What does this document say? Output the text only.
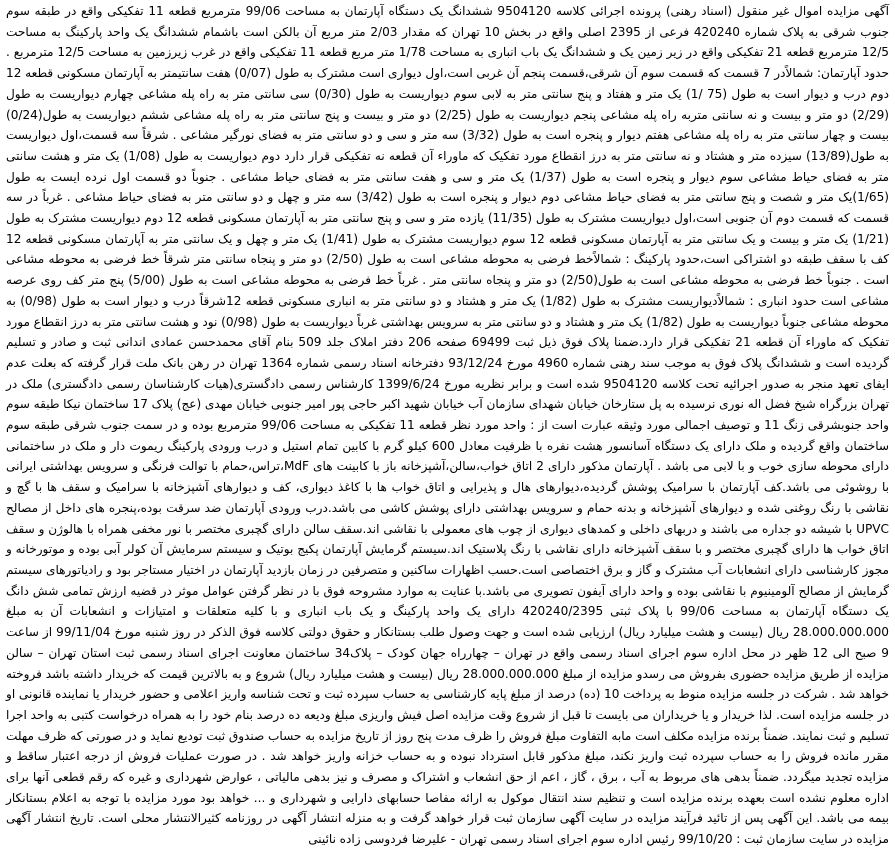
آگهی مزایده اموال غیر منقول (اسناد رهنی) پرونده اجرائی کلاسه 9504120 ششدانگ یک دستگاه آپارتمان به مساحت 99/06 مترمربع قطعه 11 تفکیکی واقع در طبقه سوم جنوب شرقی به پلاک شماره 420240 فرعی از 2395 اصلی واقع در بخش 10 تهران که مقدار 2/03 متر مربع آن بالکن است باشمام ششدانگ یک واحد پارکینگ به مساحت 12/5 مترمربع قطعه 21 تفکیکی واقع در زیر زمین یک و ششدانگ یک باب انباری به مساحت 1/78 متر مربع قطعه 11 تفکیکی واقع در غرب زیرزمین به مساحت 12/5 مترمربع . حدود آپارتمان: شمالاًدر 7 قسمت که قسمت سوم آن شرقی،قسمت پنجم آن غربی است،اول دیواری است مشترک به طول (0/07) هفت سانتیمتر به آپارتمان مسکونی قطعه 12 دوم درب و دیوار است به طول (75 /1) یک متر و هفتاد و پنج سانتی متر به لابی سوم دیواریست به طول (0/30) سی سانتی متر به راه پله مشاعی چهارم دیواریست به طول (2/29) دو متر و بیست و نه سانتی متربه راه پله مشاعی پنجم دیواریست به طول (2/25) دو متر و بیست و پنج سانتی متر به راه پله مشاعی ششم دیواریست به طول(0/24) بیست و چهار سانتی متر به راه پله مشاعی هفتم دیوار و پنجره است به طول (3/32) سه متر و سی و دو سانتی متر به فضای نورگیر مشاعی . شرقاً سه قسمت،اول دیواریست به طول(13/89) سیزده متر و هشتاد و نه سانتی متر به درز انقطاع مورد تفکیک که ماوراء آن قطعه نه تفکیکی قرار دارد دوم دیواریست به طول (1/08) یک متر و هشت سانتی متر به فضای حیاط مشاعی سوم دیوار و پنجره است به طول (1/37) یک متر و سی و هفت سانتی متر به فضای حیاط مشاعی . جنوباً دو قسمت اول نرده ایست به طول (1/65)یک متر و شصت و پنج سانتی متر به فضای حیاط مشاعی دوم دیوار و پنجره است به طول (3/42) سه متر و چهل و دو سانتی متر به فضای حیاط مشاعی . غرباً در سه قسمت که قسمت دوم آن جنوبی است،اول دیواریست مشترک به طول (11/35) یازده متر و سی و پنج سانتی متر به آپارتمان مسکونی قطعه 12 دوم دیواریست مشترک به طول (1/21) یک متر و بیست و یک سانتی متر به آپارتمان مسکونی قطعه 12 سوم دیواریست مشترک به طول (1/41) یک متر و چهل و یک سانتی متر به آپارتمان مسکونی قطعه 12 کف با سقف طبقه دو اشتراکی است،حدود پارکینگ : شمالاًخط فرضی به محوطه مشاعی است به طول (2/50) دو متر و پنجاه سانتی متر شرقاً خط فرضی به محوطه مشاعی است . جنوباً خط فرضی به محوطه مشاعی است به طول(2/50) دو متر و پنجاه سانتی متر . غرباً خط فرضی به محوطه مشاعی است به طول (5/00) پنج متر کف روی عرصه مشاعی است حدود انباری : شمالاًدیواریست مشترک به طول (1/82) یک متر و هشتاد و دو سانتی متر به انباری مسکونی قطعه 12شرقاً درب و دیوار است به طول (0/98) به محوطه مشاعی جنوباً دیواریست به طول (1/82) یک متر و هشتاد و دو سانتی متر به سرویس بهداشتی غرباً دیواریست به طول (0/98) نود و هشت سانتی متر به درز انقطاع مورد تفکیک که ماوراء آن قطعه 21 تفکیکی قرار دارد.ضمنا پلاک فوق ذیل ثبت 69499 صفحه 206 دفتر املاک جلد 509 بنام آقای محمدحسن عمادی اندانی ثبت و صادر و تسلیم گردیده است و ششدانگ پلاک فوق به موجب سند رهنی شماره 4960 مورخ 93/12/24 دفترخانه اسناد رسمی شماره 1364 تهران در رهن بانک ملت قرار گرفته که بعلت عدم ایفای تعهد منجر به صدور اجرائیه تحت کلاسه 9504120 شده است و برابر نظریه مورخ 1399/6/24 کارشناس رسمی دادگستری(هیات کارشناسان رسمی دادگستری) ملک در تهران بزرگراه شیخ فضل اله نوری نرسیده به پل ستارخان خیابان شهدای سازمان آب خیابان شهید اکبر حاجی پور امیر جنوبی خیابان مهدی (عج) پلاک 17 ساختمان نیکا طبقه سوم واحد جنوبشرقی زنگ 11 و توصیف اجمالی مورد وثیقه عبارت است از : واحد مورد نظر قطعه 11 تفکیکی به مساحت 99/06 مترمربع بوده و در سمت جنوب شرقی طبقه سوم ساختمان واقع گردیده و ملک دارای یک دستگاه آسانسور هشت نفره با ظرفیت معادل 600 کیلو گرم با کابین تمام استیل و درب ورودی پارکینگ ریموت دار و ملک در ساختمانی دارای محوطه سازی خوب و با لابی می باشد . آپارتمان مذکور دارای 2 اتاق خواب،سالن،آشپزخانه باز با کابینت های MdF،تراس،حمام با توالت فرنگی و سرویس بهداشتی ایرانی با روشوئی می باشد.کف آپارتمان با سرامیک پوشش گردیده،دیوارهای هال و پذیرایی و اتاق خواب ها با کاغذ دیواری، کف و دیوارهای آشپزخانه با سرامیک و سقف ها با گچ و نقاشی با رنگ روغنی شده و دیوارهای آشپزخانه و بدنه حمام و سرویس بهداشتی دارای پوشش کاشی می باشد.درب ورودی آپارتمان ضد سرقت بوده،پنجره های داخل از مصالح UPVC با شیشه دو جداره می باشند و دربهای داخلی و کمدهای دیواری از چوب های معمولی با نقاشی اند.سقف سالن دارای گچبری مختصر با نور مخفی همراه با هالوژن و سقف اتاق خواب ها دارای گچبری مختصر و با سقف آشپزخانه دارای نقاشی با رنگ پلاستیک اند.سیستم گرمایش آپارتمان پکیج بوتیک و سیستم سرمایش آن کولر آبی بوده و موتورخانه و مجوز کارشناسی دارای انشعابات آب مشترک و گاز و برق اختصاصی است.حسب اظهارات ساکنین و متصرفین در زمان بازدید آپارتمان در اختیار مستاجر بود و رادیاتورهای سیستم گرمایش از مصالح آلومینیوم با نقاشی بوده و واحد دارای آیفون تصویری می باشد.با عنایت به موارد مشروحه فوق با در نظر گرفتن عوامل موثر در قضیه ارزش تمامی شش دانگ یک دستگاه آپارتمان به مساحت 99/06 با پلاک ثبتی 420240/2395 دارای یک واحد پارکینگ و یک باب انباری و با کلیه متعلقات و امتیازات و انشعابات آن به مبلغ 28.000.000.000 ریال (بیست و هشت میلیارد ریال) ارزیابی شده است و جهت وصول طلب بستانکار و حقوق دولتی کلاسه فوق الذکر در روز شنبه مورخ 99/11/04 از ساعت 9 صبح الی 12 ظهر در محل اداره سوم اجرای اسناد رسمی واقع در تهران – چهارراه جهان کودک – پلاک34 ساختمان معاونت اجرای اسناد رسمی ثبت استان تهران – سالن مزایده از طریق مزایده حضوری بفروش می رسدو مزایده از مبلغ 28.000.000.000 ریال (بیست و هشت میلیارد ریال) شروع و به بالاترین قیمت که خریدار داشته باشد فروخته خواهد شد . شرکت در جلسه مزایده منوط به پرداخت 10 (ده) درصد از مبلغ پایه کارشناسی به حساب سپرده ثبت و تحت شناسه واریز اعلامی و حضور خریدار یا نماینده قانونی او در جلسه مزایده است. لذا خریدار و یا خریداران می بایست تا قبل از شروع وقت مزایده اصل فیش واریزی مبلغ ودیعه ده درصد بنام خود را به همراه درخواست کتبی به واحد اجرا تسلیم و ثبت نمایند. ضمناً برنده مزایده مکلف است مابه التفاوت مبلغ فروش را ظرف مدت پنج روز از تاریخ مزایده به حساب صندوق ثبت تودیع نماید و در صورتی که ظرف مهلت مقرر مانده فروش را به حساب سپرده ثبت واریز نکند، مبلغ مذکور قابل استرداد نبوده و به حساب خزانه واریز خواهد شد . در صورت عملیات فروش از درجه اعتبار ساقط و مزایده تجدید میگردد. ضمناً بدهی های مربوط به آب ، برق ، گاز ، اعم از حق انشعاب و اشتراک و مصرف و نیز بدهی مالیاتی ، عوارض شهرداری و غیره که رقم قطعی آنها برای اداره معلوم نشده است بعهده برنده مزایده است و تنظیم سند انتقال موکول به ارائه مفاصا حسابهای دارایی و شهرداری و ... خواهد بود مورد مزایده با توجه به اعلام بستانکار بیمه می باشد. این آگهی پس از تائید فرآیند مزایده در سایت آگهی سازمان ثبت قرار خواهد گرفت و به منزله انتشار آگهی در روزنامه کثیرالانتشار محلی است. تاریخ انتشار آگهی مزایده در سایت سازمان ثبت : 99/10/20 رئیس اداره سوم اجرای اسناد رسمی تهران - علیرضا فردوسی زاده نائینی
